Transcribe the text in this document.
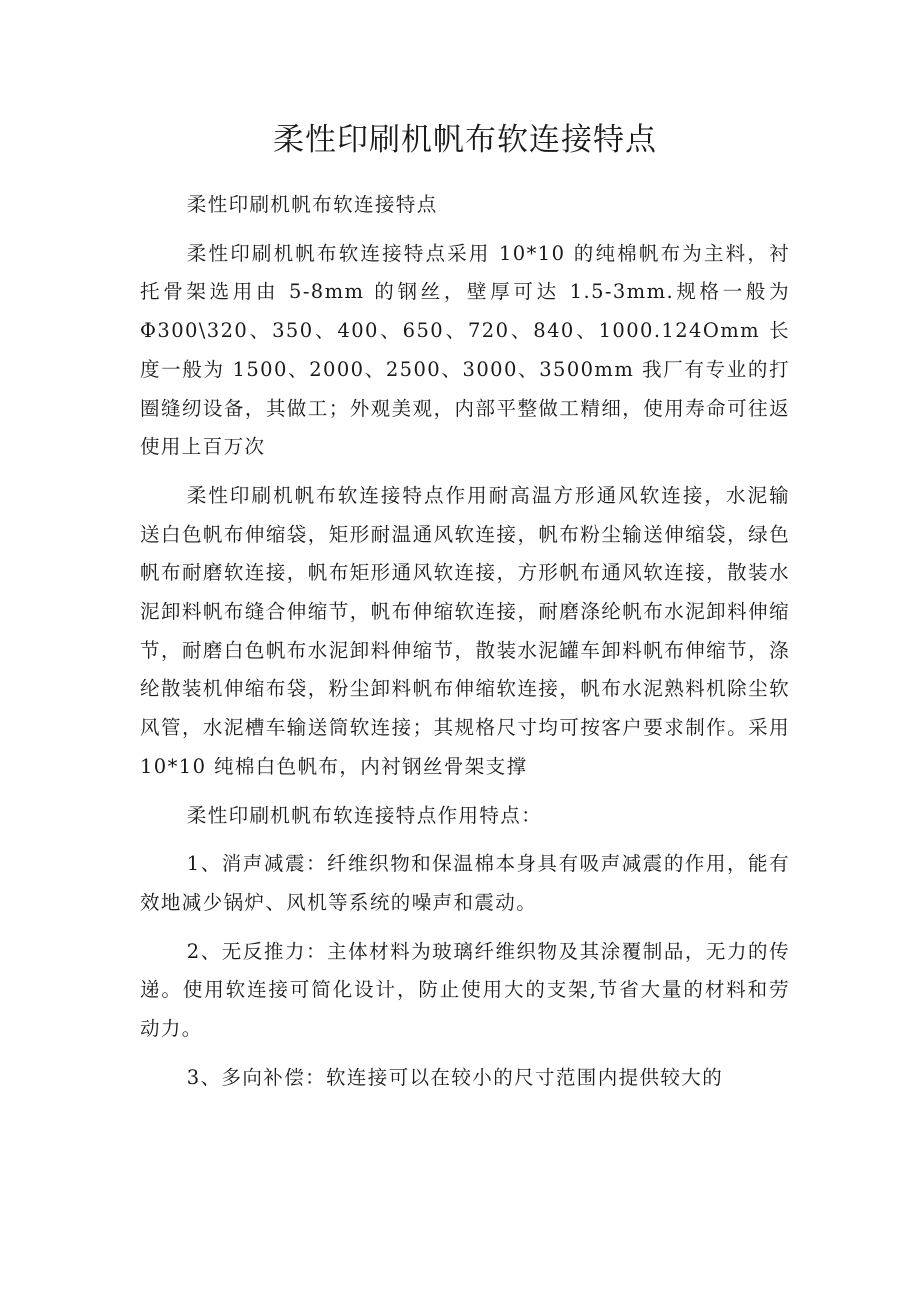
柔性印刷机帆布软连接特点

柔性印刷机帆布软连接特点

柔性印刷机帆布软连接特点采用 10*10 的纯棉帆布为主料，衬托骨架选用由 5-8mm 的钢丝，壁厚可达 1.5-3mm.规格一般为 Φ300\320、350、400、650、720、840、1000.124Omm 长度一般为 1500、2000、2500、3000、3500mm 我厂有专业的打圈缝纫设备，其做工；外观美观，内部平整做工精细，使用寿命可往返使用上百万次

柔性印刷机帆布软连接特点作用耐高温方形通风软连接，水泥输送白色帆布伸缩袋，矩形耐温通风软连接，帆布粉尘输送伸缩袋，绿色帆布耐磨软连接，帆布矩形通风软连接，方形帆布通风软连接，散装水泥卸料帆布缝合伸缩节，帆布伸缩软连接，耐磨涤纶帆布水泥卸料伸缩节，耐磨白色帆布水泥卸料伸缩节，散装水泥罐车卸料帆布伸缩节，涤纶散装机伸缩布袋，粉尘卸料帆布伸缩软连接，帆布水泥熟料机除尘软风管，水泥槽车输送筒软连接；其规格尺寸均可按客户要求制作。采用 10*10 纯棉白色帆布，内衬钢丝骨架支撑

柔性印刷机帆布软连接特点作用特点：

1、消声减震：纤维织物和保温棉本身具有吸声减震的作用，能有效地减少锅炉、风机等系统的噪声和震动。

2、无反推力：主体材料为玻璃纤维织物及其涂覆制品，无力的传递。使用软连接可简化设计，防止使用大的支架,节省大量的材料和劳动力。

3、多向补偿：软连接可以在较小的尺寸范围内提供较大的
